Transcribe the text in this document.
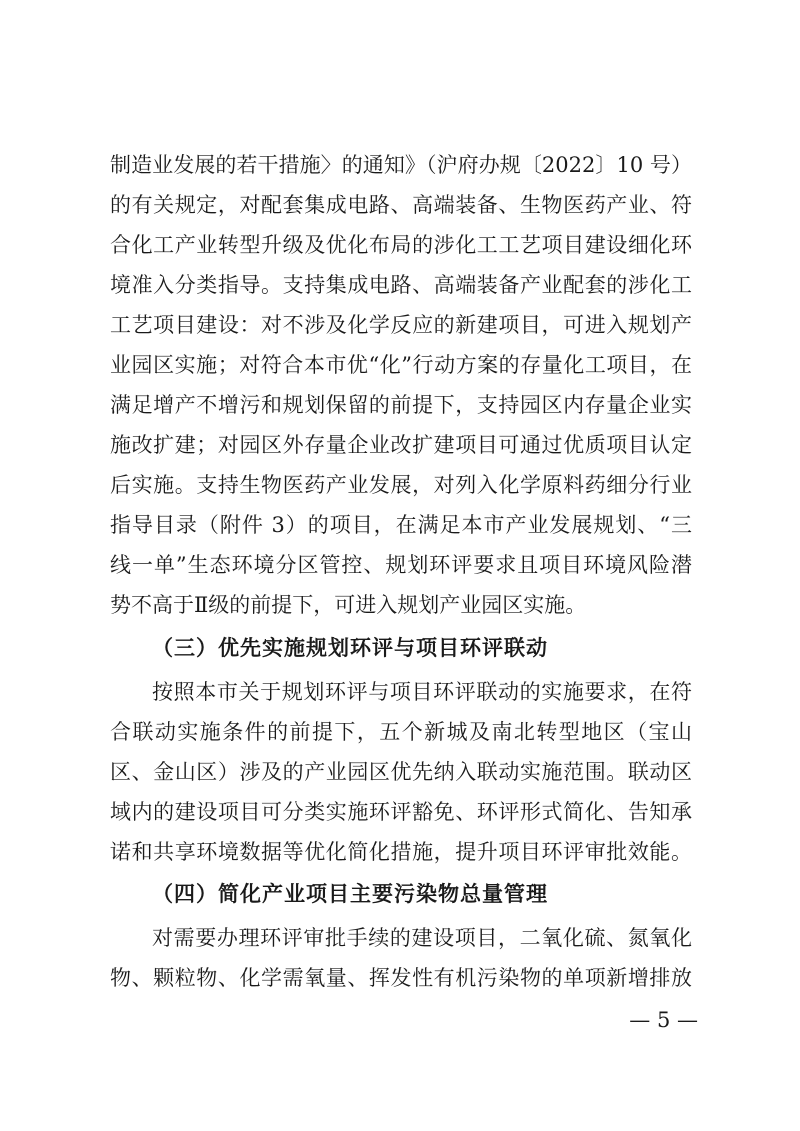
制造业发展的若干措施〉的通知》（沪府办规〔2022〕10 号）
的有关规定，对配套集成电路、高端装备、生物医药产业、符
合化工产业转型升级及优化布局的涉化工工艺项目建设细化环
境准入分类指导。支持集成电路、高端装备产业配套的涉化工
工艺项目建设：对不涉及化学反应的新建项目，可进入规划产
业园区实施；对符合本市优“化”行动方案的存量化工项目，在
满足增产不增污和规划保留的前提下，支持园区内存量企业实
施改扩建；对园区外存量企业改扩建项目可通过优质项目认定
后实施。支持生物医药产业发展，对列入化学原料药细分行业
指导目录（附件 3）的项目，在满足本市产业发展规划、“三
线一单”生态环境分区管控、规划环评要求且项目环境风险潜
势不高于Ⅱ级的前提下，可进入规划产业园区实施。
（三）优先实施规划环评与项目环评联动
按照本市关于规划环评与项目环评联动的实施要求，在符
合联动实施条件的前提下，五个新城及南北转型地区（宝山
区、金山区）涉及的产业园区优先纳入联动实施范围。联动区
域内的建设项目可分类实施环评豁免、环评形式简化、告知承
诺和共享环境数据等优化简化措施，提升项目环评审批效能。
（四）简化产业项目主要污染物总量管理
对需要办理环评审批手续的建设项目，二氧化硫、氮氧化
物、颗粒物、化学需氧量、挥发性有机污染物的单项新增排放
— 5 —
